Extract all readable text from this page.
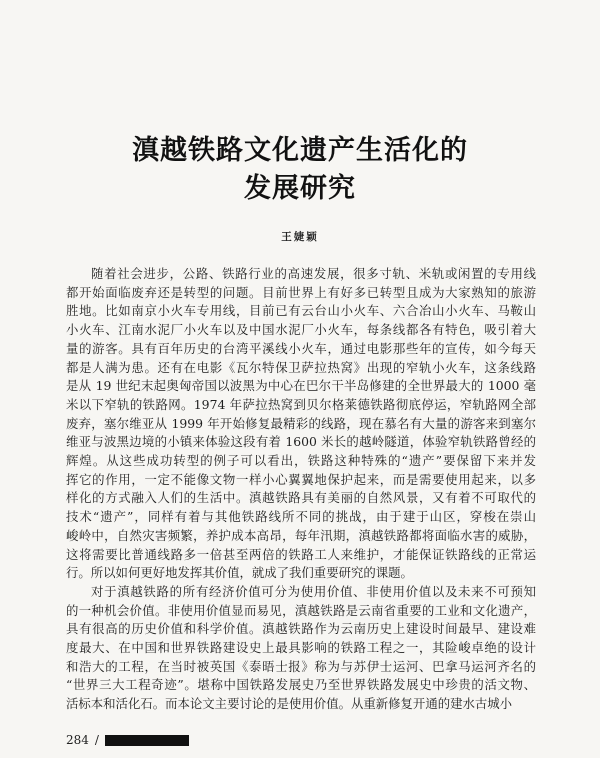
滇越铁路文化遗产生活化的
发展研究
王婕颖
随着社会进步，公路、铁路行业的高速发展，很多寸轨、米轨或闲置的专用线
都开始面临废弃还是转型的问题。目前世界上有好多已转型且成为大家熟知的旅游
胜地。比如南京小火车专用线，目前已有云台山小火车、六合冶山小火车、马鞍山
小火车、江南水泥厂小火车以及中国水泥厂小火车，每条线都各有特色，吸引着大
量的游客。具有百年历史的台湾平溪线小火车，通过电影那些年的宣传，如今每天
都是人满为患。还有在电影《瓦尔特保卫萨拉热窝》出现的窄轨小火车，这条线路
是从 19 世纪末起奥匈帝国以波黑为中心在巴尔干半岛修建的全世界最大的 1000 毫
米以下窄轨的铁路网。1974 年萨拉热窝到贝尔格莱德铁路彻底停运，窄轨路网全部
废弃，塞尔维亚从 1999 年开始修复最精彩的线路，现在慕名有大量的游客来到塞尔
维亚与波黑边境的小镇来体验这段有着 1600 米长的越岭隧道，体验窄轨铁路曾经的
辉煌。从这些成功转型的例子可以看出，铁路这种特殊的“遗产”要保留下来并发
挥它的作用，一定不能像文物一样小心翼翼地保护起来，而是需要使用起来，以多
样化的方式融入人们的生活中。滇越铁路具有美丽的自然风景，又有着不可取代的
技术“遗产”，同样有着与其他铁路线所不同的挑战，由于建于山区，穿梭在崇山
峻岭中，自然灾害频繁，养护成本高昂，每年汛期，滇越铁路都将面临水害的威胁，
这将需要比普通线路多一倍甚至两倍的铁路工人来维护，才能保证铁路线的正常运
行。所以如何更好地发挥其价值，就成了我们重要研究的课题。
对于滇越铁路的所有经济价值可分为使用价值、非使用价值以及未来不可预知
的一种机会价值。非使用价值显而易见，滇越铁路是云南省重要的工业和文化遗产，
具有很高的历史价值和科学价值。滇越铁路作为云南历史上建设时间最早、建设难
度最大、在中国和世界铁路建设史上最具影响的铁路工程之一，其险峻卓绝的设计
和浩大的工程，在当时被英国《泰晤士报》称为与苏伊士运河、巴拿马运河齐名的
“世界三大工程奇迹”。堪称中国铁路发展史乃至世界铁路发展史中珍贵的活文物、
活标本和活化石。而本论文主要讨论的是使用价值。从重新修复开通的建水古城小
284 /
